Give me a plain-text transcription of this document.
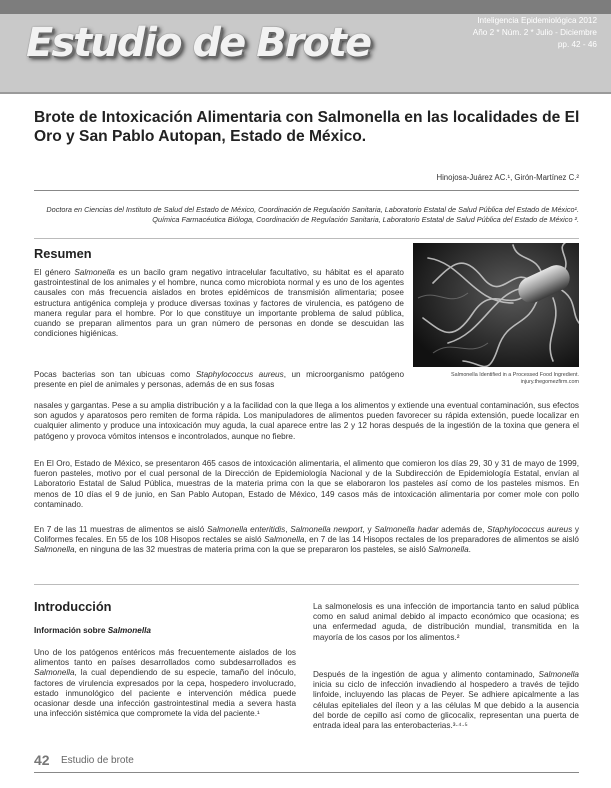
Estudio de Brote	Inteligencia Epidemiológica 2012
Año 2 * Núm. 2 * Julio - Diciembre
pp. 42 - 46
Brote de Intoxicación Alimentaria con Salmonella en las localidades de El Oro y San Pablo Autopan, Estado de México.
Hinojosa-Juárez AC.¹, Girón-Martínez C.²

Doctora en Ciencias del Instituto de Salud del Estado de México, Coordinación de Regulación Sanitaria, Laboratorio Estatal de Salud Pública del Estado de México¹.

Química Farmacéutica Bióloga, Coordinación de Regulación Sanitaria, Laboratorio Estatal de Salud Pública del Estado de México ².

Resumen

El género Salmonella es un bacilo gram negativo intracelular facultativo, su hábitat es el aparato gastrointestinal de los animales y el hombre, nunca como microbiota normal y es uno de los agentes causales con más frecuencia aislados en brotes epidémicos de transmisión alimentaria; posee estructura antigénica compleja y produce diversas toxinas y factores de virulencia, es patógeno de manera regular para el hombre. Por lo que constituye un importante problema de salud pública, cuando se preparan alimentos para un gran número de personas en donde se descuidan las condiciones higiénicas.

Salmonella Identified in a Processed Food Ingredient.
injury.thegomezfirm.com

Pocas bacterias son tan ubicuas como Staphylococcus aureus, un microorganismo patógeno presente en piel de animales y personas, además de en sus fosas

nasales y gargantas. Pese a su amplia distribución y a la facilidad con la que llega a los alimentos y extiende una eventual contaminación, sus efectos son agudos y aparatosos pero remiten de forma rápida. Los manipuladores de alimentos pueden favorecer su rápida extensión, puede localizar en cualquier alimento y produce una intoxicación muy aguda, la cual aparece entre las 2 y 12 horas después de la ingestión de la toxina que genera el patógeno y provoca vómitos intensos e incontrolados, aunque no fiebre.

En El Oro, Estado de México, se presentaron 465 casos de intoxicación alimentaria, el alimento que comieron los días 29, 30 y 31 de mayo de 1999, fueron pasteles, motivo por el cual personal de la Dirección de Epidemiología Nacional y de la Subdirección de Epidemiología Estatal, envían al Laboratorio Estatal de Salud Pública, muestras de la materia prima con la que se elaboraron los pasteles así como de los pasteles mismos. En menos de 10 días el 9 de junio, en San Pablo Autopan, Estado de México, 149 casos más de intoxicación alimentaria por comer mole con pollo contaminado.

En 7 de las 11 muestras de alimentos se aisló Salmonella enteritidis, Salmonella newport, y Salmonella hadar además de, Staphylococcus aureus y Coliformes fecales. En 55 de los 108 Hisopos rectales se aisló Salmonella, en 7 de las 14 Hisopos rectales de los preparadores de alimentos se aisló Salmonella, en ninguna de las 32 muestras de materia prima con la que se prepararon los pasteles, se aisló Salmonella.

Introducción
Información sobre Salmonella

Uno de los patógenos entéricos más frecuentemente aislados de los alimentos tanto en países desarrollados como subdesarrollados es Salmonella, la cual dependiendo de su especie, tamaño del inóculo, factores de virulencia expresados por la cepa, hospedero involucrado, estado inmunológico del paciente e intervención médica puede ocasionar desde una infección gastrointestinal media a severa hasta una infección sistémica que compromete la vida del paciente.¹

La salmonelosis es una infección de importancia tanto en salud pública como en salud animal debido al impacto económico que ocasiona; es una enfermedad aguda, de distribución mundial, transmitida en la mayoría de los casos por los alimentos.²

Después de la ingestión de agua y alimento contaminado, Salmonella inicia su ciclo de infección invadiendo al hospedero a través de tejido linfoide, incluyendo las placas de Peyer. Se adhiere apicalmente a las células epiteliales del íleon y a las células M que debido a la ausencia del borde de cepillo así como de glicocalix, representan una puerta de entrada ideal para las enterobacterias.³·⁴·⁵

42 Estudio de brote
